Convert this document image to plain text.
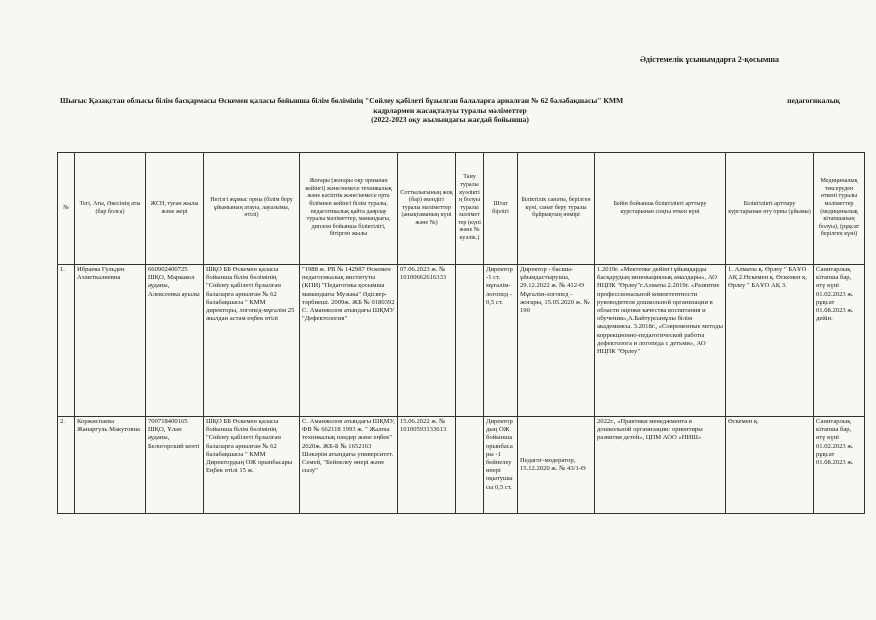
Әдістемелік ұсынымдарға 2-қосымша
Шығыс Қазақстан облысы білім басқармасы Өскемен қаласы бойынша білім бөлімінің "Сөйлеу қабілеті бұзылған балаларға арналған № 62 балабақшасы" КММ	педагогикалық
кадрлармен жасақталуы туралы мәліметтер
(2022-2023 оқу жылындағы жағдай бойынша)
№	Тегі, Аты, Әкесінің аты (бар болса)	ЖСН, туған жылы және жері	Негізгі жұмыс орны (білім беру ұйымының атауы, лауазымы, өтілі)	Жоғары (жоғары оқу орнынан кейінгі) және/немесе техникалық және кәсіптік және/немесе орта білімнен кейінгі білім туралы, педагогикалық қайта даярлау туралы мәліметтер, мамандығы, диплом бойынша біліктілігі, бітірген жылы	Соттылығының жоқ (бар) екендігі туралы мәліметтер (анықтаманың күні және №)	Тану туралы куәлікті ң болуы туралы мәліметтер (күні және № куәлік.)	Штат бірлігі	Біліктілік санаты, берілген күні, санат беру туралы бұйрықтың нөмірі	Бейін бойынша біліктілікті арттыру курстарынан соңғы өткен күні	Біліктілікті арттыру курстарынан өту орны (ұйымы)	Медициналық тексеруден өткені туралы мәліметтер (медициналық кітапшаның болуы), (рұқсат берілген күні)
1.	Ибраева Гульден Ахметкалиевна	660902400725 ШҚО, Маркакол ауданы, Алексеевка ауылы	ШҚО ББ Өскемен қаласы бойынша білім бөлімінің "Сөйлеу қабілеті бұзылған балаларға арналған № 62 балабақшасы " КММ директоры, логопед-мұғалім 25 жылдан астам еңбек өтілі	"1988 ж. РВ № 142987 Өскемен педагогикалық институты (КПИ) "Педагогика қосымша мамандығы Музыка" Әдіскер-тәрбиеші. 2009ж. ЖБ № 0180392 С. Аманжолов атындағы ШҚМУ "Дефектология"	07.06.2023 ж. № 10100662616333		Директор -1 ст. мұғалім-логопед - 0,5 ст.	Директор - басшы-ұйымдастырушы, 29.12.2022 ж. № 412-Ө Мұғалім-логопед - жоғары, 15.05.2020 ж. № 190	1.2019г. «Мектепке дейінгі ұйымдарды басқарудың инновациялық амалдары», АО НЦПК "Өрлеу"г.Алматы 2.2019г. «Развитие профессиональной компетентности руководителя дошкольной организации в области оценки качества воспитания и обучения»,А.Байтурсынұлы білім академиясы. 3.2018г., «Современные методы коррекционно-педагогической работы дефектолога и логопеда с детьми», АО НЦПК "Өрлеу"	1. Алматы қ. Өрлеу " БАҰО АҚ 2.Өскемен қ. Өскемен қ. Өрлеу " БАҰО АҚ 3.	Санитарлық кітапша бар, өтү күні 01.02.2023 ж. рұқсат 01.08.2023 ж. дейін.
2.	Коржиспаева Жанаргуль Макутовна	700718400165 ШҚО, Ұлан ауданы, Белогорский кенті	ШҚО ББ Өскемен қаласы бойынша білім бөлімінің "Сөйлеу қабілеті бұзылған балаларға арналған № 62 балабақшасы " КММ Директордың ОЖ орынбасары Еңбек өтілі 15 ж.	С. Аманжолов атындағы ШҚМУ, ФВ № 662118 1993 ж. " Жалпы техникалық пәндер және еңбек" 2020ж. ЖБ-Б № 1652163 Шәкәрім атындағы университет. Семей, "Бейнелеу өнері және сызу"	15.06.2022 ж. № 10100593133613		Директордың ОЖ бойынша орынбасары -1 бейнелеу өнері оқытушысы 0,5 ст.	Педагог-модератор, 15.12.2020 ж. № 43/1-Ө	2022г., «Практики менеджмента в дошкольной организации: ориентиры развития детей», ЦПМ АОО «НИШ»	Өскемен қ.	Санитарлық кітапша бар, өтү күні 01.02.2023 ж. рұқсат 01.08.2023 ж.
